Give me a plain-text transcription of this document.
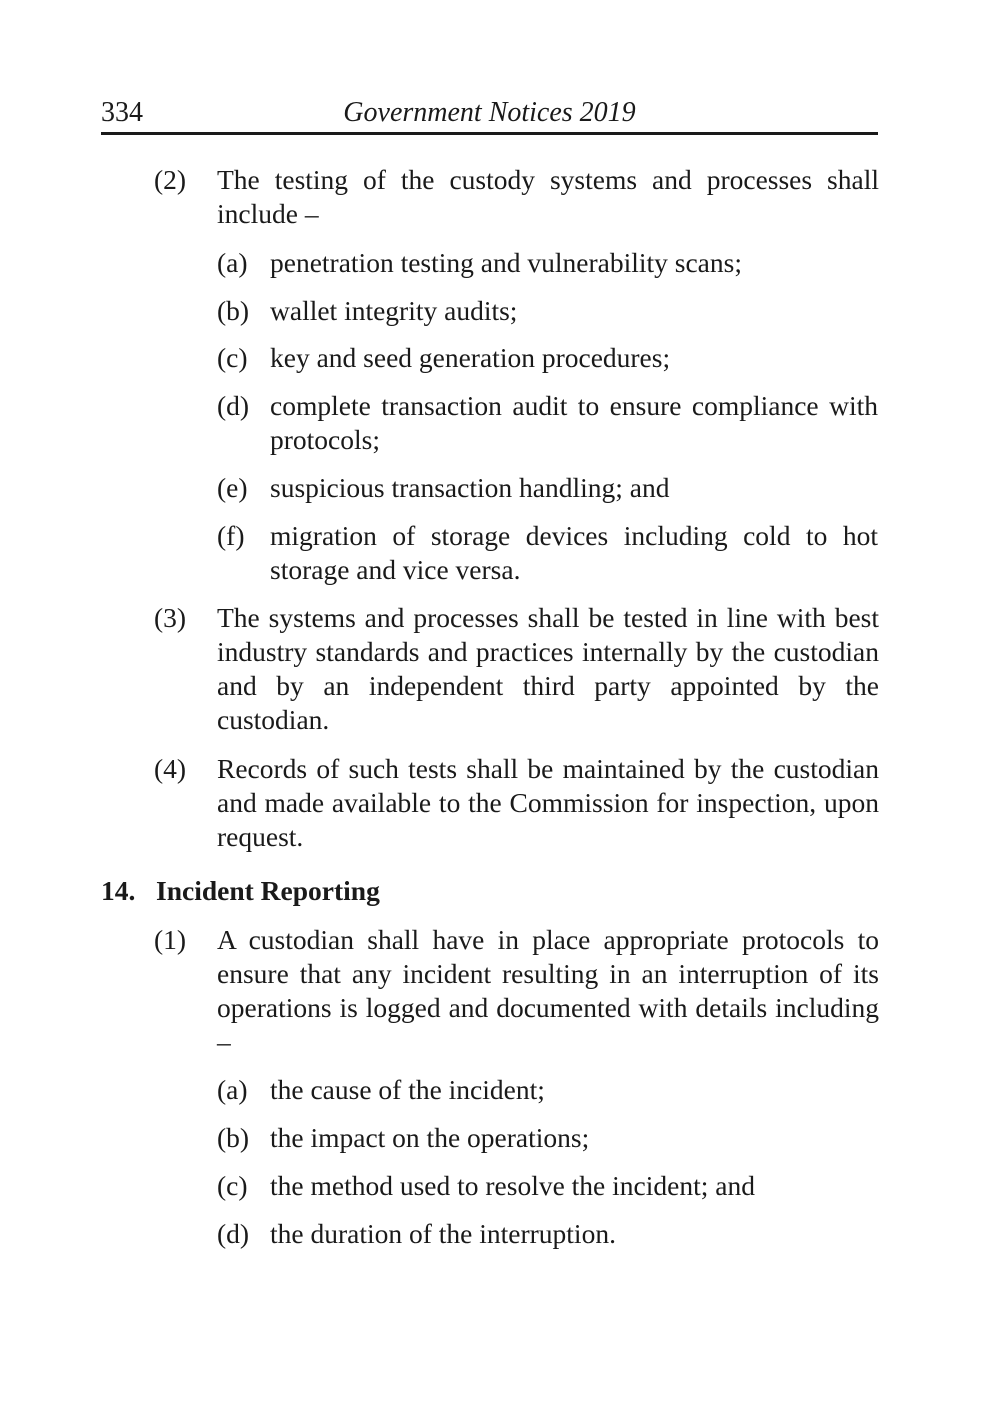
334	Government Notices 2019
(2) The testing of the custody systems and processes shall include –
(a) penetration testing and vulnerability scans;
(b) wallet integrity audits;
(c) key and seed generation procedures;
(d) complete transaction audit to ensure compliance with protocols;
(e) suspicious transaction handling; and
(f) migration of storage devices including cold to hot storage and vice versa.
(3) The systems and processes shall be tested in line with best industry standards and practices internally by the custodian and by an independent third party appointed by the custodian.
(4) Records of such tests shall be maintained by the custodian and made available to the Commission for inspection, upon request.
14. Incident Reporting
(1) A custodian shall have in place appropriate protocols to ensure that any incident resulting in an interruption of its operations is logged and documented with details including –
(a) the cause of the incident;
(b) the impact on the operations;
(c) the method used to resolve the incident; and
(d) the duration of the interruption.
